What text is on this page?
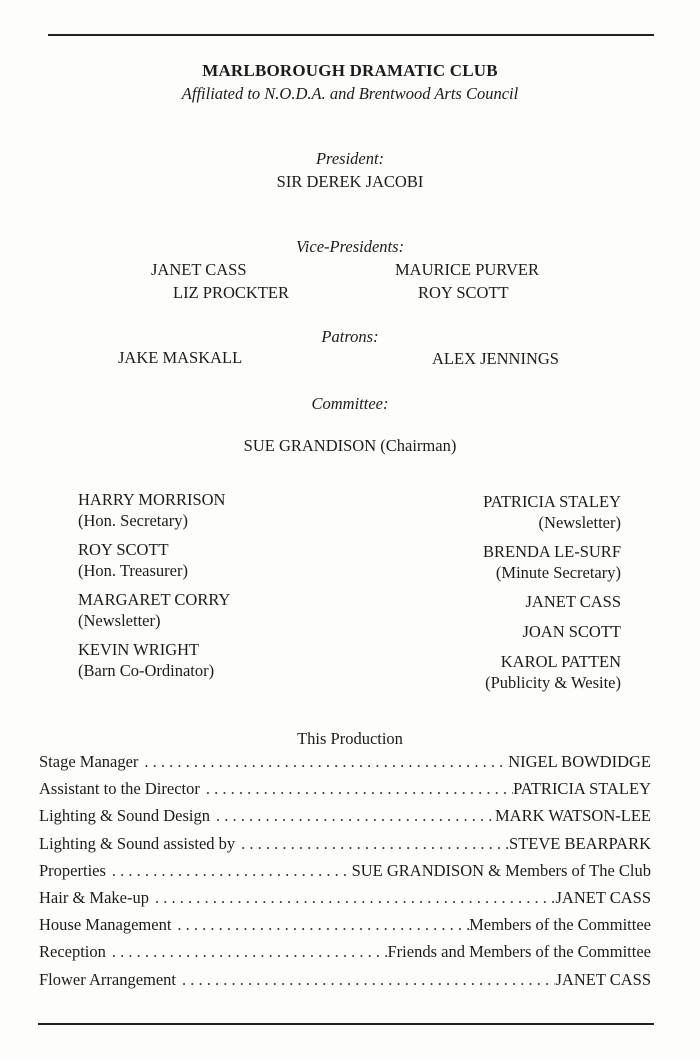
MARLBOROUGH DRAMATIC CLUB
Affiliated to N.O.D.A. and Brentwood Arts Council
President:
SIR DEREK JACOBI
Vice-Presidents:
JANET CASS	MAURICE PURVER
LIZ PROCKTER	ROY SCOTT
Patrons:
JAKE MASKALL	ALEX JENNINGS
Committee:
SUE GRANDISON (Chairman)
HARRY MORRISON
(Hon. Secretary)
ROY SCOTT
(Hon. Treasurer)
MARGARET CORRY
(Newsletter)
KEVIN WRIGHT
(Barn Co-Ordinator)
PATRICIA STALEY
(Newsletter)
BRENDA LE-SURF
(Minute Secretary)
JANET CASS
JOAN SCOTT
KAROL PATTEN
(Publicity & Wesite)
This Production
Stage Manager . . .	NIGEL BOWDIDGE
Assistant to the Director . . .	PATRICIA STALEY
Lighting & Sound Design . . .	MARK WATSON-LEE
Lighting & Sound assisted by . . .	STEVE BEARPARK
Properties . . .	SUE GRANDISON & Members of The Club
Hair & Make-up . . .	JANET CASS
House Management . . .	Members of the Committee
Reception . . .	Friends and Members of the Committee
Flower Arrangement . . .	JANET CASS
